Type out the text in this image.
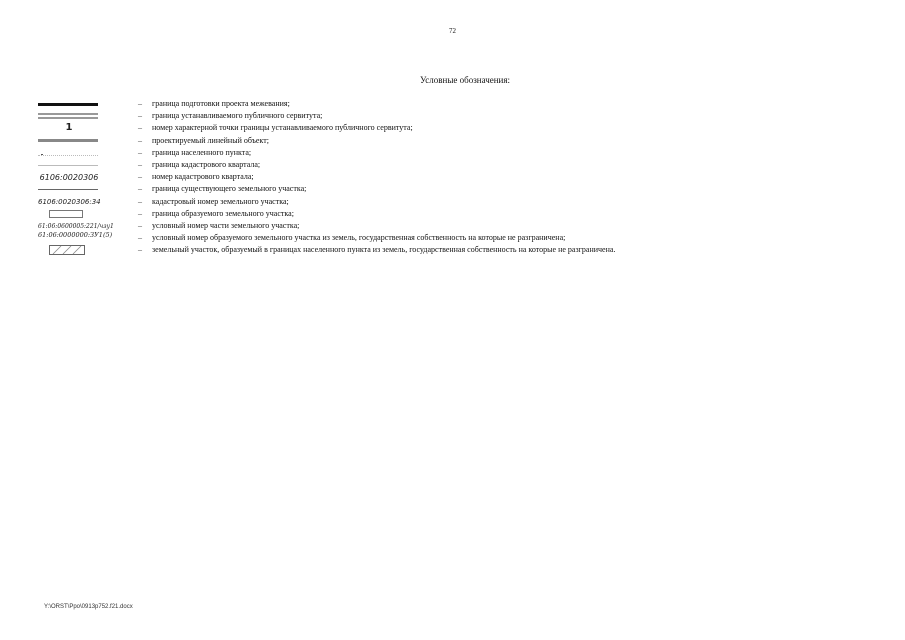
72
Условные обозначения:
– граница подготовки проекта межевания;
– граница устанавливаемого публичного сервитута;
1	– номер характерной точки границы устанавливаемого публичного сервитута;
– проектируемый линейный объект;
– граница населенного пункта;
– граница кадастрового квартала;
6106:0020306	– номер кадастрового квартала;
– граница существующего земельного участка;
6106:0020306:34	– кадастровый номер земельного участка;
– граница образуемого земельного участка;
61:06:0600005:221/чзу1	– условный номер части земельного участка;
61:06:0000000:ЗУ1(5)	– условный номер образуемого земельного участка из земель, государственная собственность на которые не разграничена;
– земельный участок, образуемый в границах населенного пункта из земель, государственная собственность на которые не разграничена.
Y:\ORST\Ppo\0913p752.f21.docx
